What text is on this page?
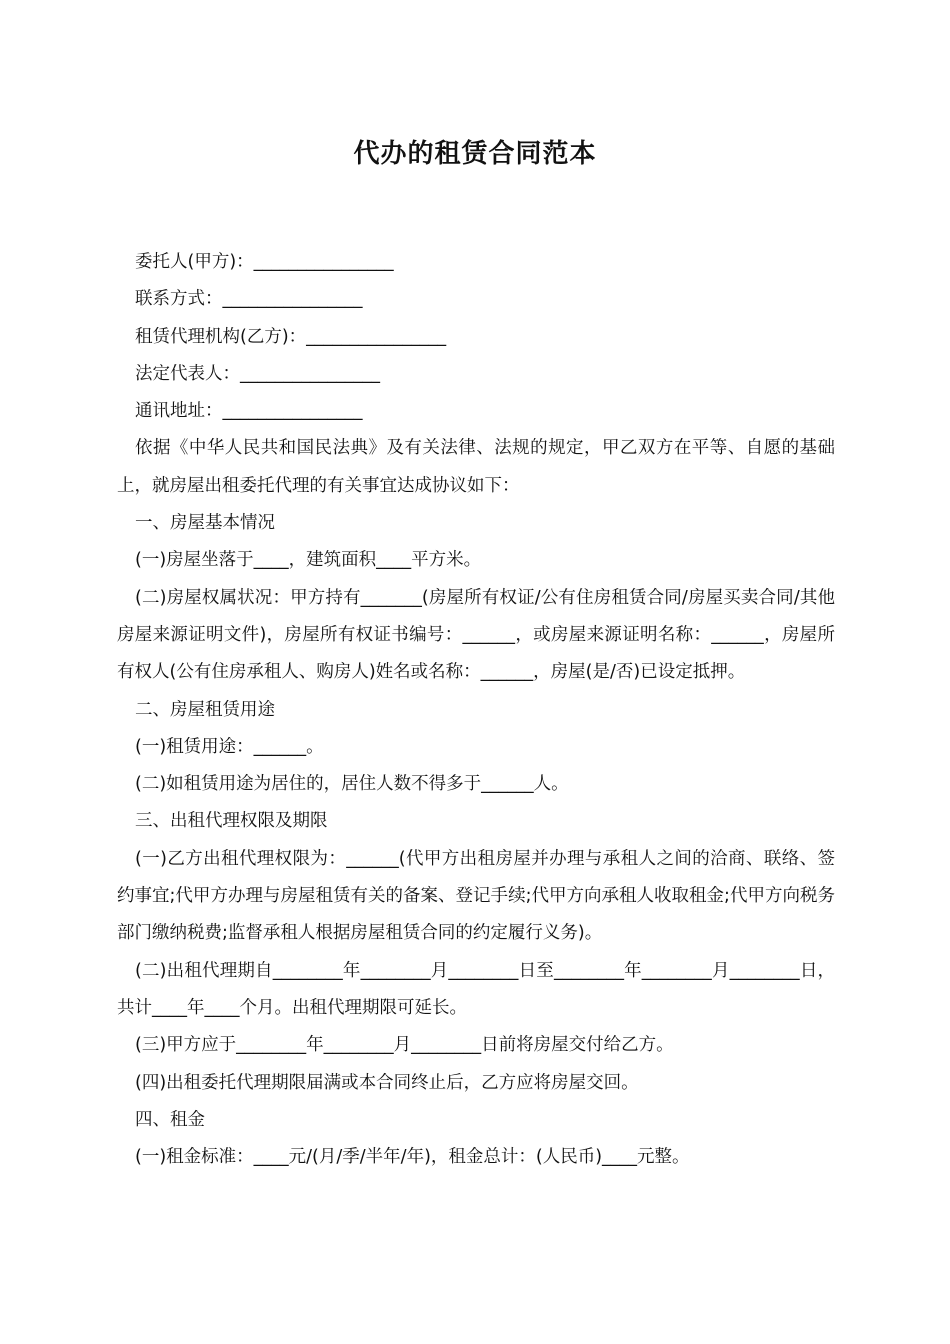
代办的租赁合同范本

委托人(甲方)：________________

联系方式：________________

租赁代理机构(乙方)：________________

法定代表人：________________

通讯地址：________________

依据《中华人民共和国民法典》及有关法律、法规的规定，甲乙双方在平等、自愿的基础上，就房屋出租委托代理的有关事宜达成协议如下：

一、房屋基本情况

(一)房屋坐落于____，建筑面积____平方米。

(二)房屋权属状况：甲方持有_______(房屋所有权证/公有住房租赁合同/房屋买卖合同/其他房屋来源证明文件)，房屋所有权证书编号：______，或房屋来源证明名称：______，房屋所有权人(公有住房承租人、购房人)姓名或名称：______，房屋(是/否)已设定抵押。

二、房屋租赁用途

(一)租赁用途：______。

(二)如租赁用途为居住的，居住人数不得多于______人。

三、出租代理权限及期限

(一)乙方出租代理权限为：______(代甲方出租房屋并办理与承租人之间的洽商、联络、签约事宜;代甲方办理与房屋租赁有关的备案、登记手续;代甲方向承租人收取租金;代甲方向税务部门缴纳税费;监督承租人根据房屋租赁合同的约定履行义务)。

(二)出租代理期自________年________月________日至________年________月________日，共计____年____个月。出租代理期限可延长。

(三)甲方应于________年________月________日前将房屋交付给乙方。

(四)出租委托代理期限届满或本合同终止后，乙方应将房屋交回。

四、租金

(一)租金标准：____元/(月/季/半年/年)，租金总计：(人民币)____元整。
